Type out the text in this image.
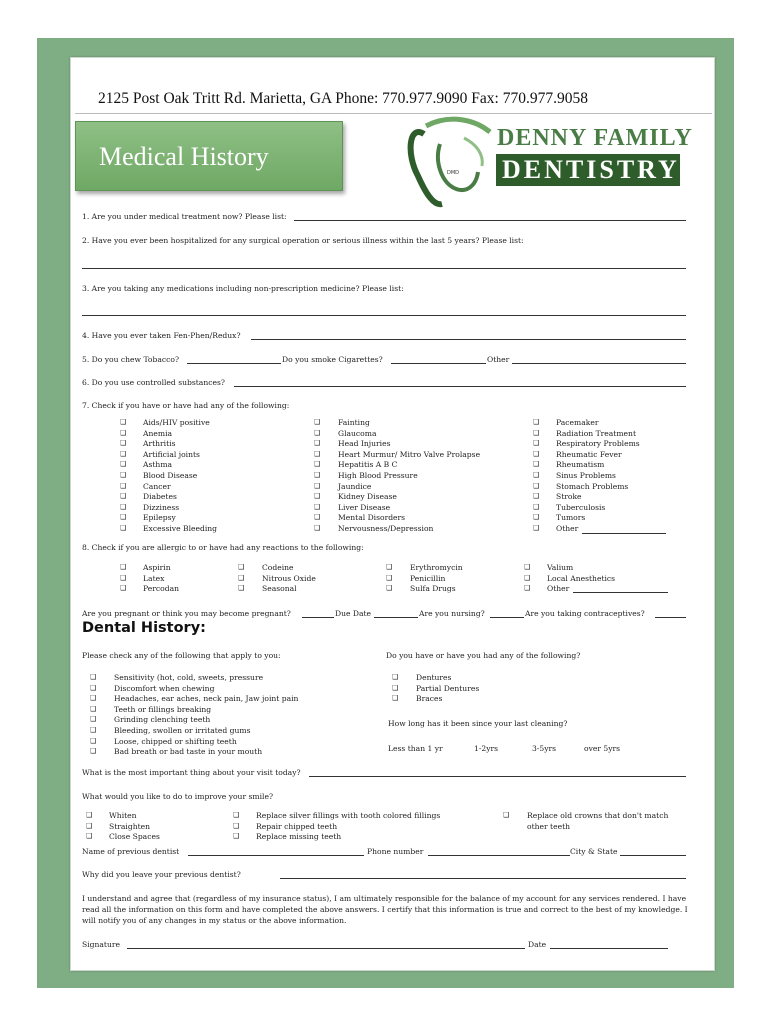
2125 Post Oak Tritt Rd. Marietta, GA Phone: 770.977.9090 Fax: 770.977.9058
Medical History
DMD
DENNY FAMILY
DENTISTRY
1. Are you under medical treatment now? Please list:
2. Have you ever been hospitalized for any surgical operation or serious illness within the last 5 years? Please list:
3. Are you taking any medications including non-prescription medicine? Please list:
4. Have you ever taken Fen-Phen/Redux?
5. Do you chew Tobacco?	Do you smoke Cigarettes?	Other
6. Do you use controlled substances?
7. Check if you have or have had any of the following:
❑ Aids/HIV positive
❑ Anemia
❑ Arthritis
❑ Artificial joints
❑ Asthma
❑ Blood Disease
❑ Cancer
❑ Diabetes
❑ Dizziness
❑ Epilepsy
❑ Excessive Bleeding
❑ Fainting
❑ Glaucoma
❑ Head Injuries
❑ Heart Murmur/ Mitro Valve Prolapse
❑ Hepatitis A B C
❑ High Blood Pressure
❑ Jaundice
❑ Kidney Disease
❑ Liver Disease
❑ Mental Disorders
❑ Nervousness/Depression
❑ Pacemaker
❑ Radiation Treatment
❑ Respiratory Problems
❑ Rheumatic Fever
❑ Rheumatism
❑ Sinus Problems
❑ Stomach Problems
❑ Stroke
❑ Tuberculosis
❑ Tumors
❑ Other
8. Check if you are allergic to or have had any reactions to the following:
❑ Aspirin
❑ Latex
❑ Percodan
❑ Codeine
❑ Nitrous Oxide
❑ Seasonal
❑ Erythromycin
❑ Penicillin
❑ Sulfa Drugs
❑ Valium
❑ Local Anesthetics
❑ Other
Are you pregnant or think you may become pregnant?	Due Date	Are you nursing?	Are you taking contraceptives?
Dental History:
Please check any of the following that apply to you:	Do you have or have you had any of the following?
❑ Sensitivity (hot, cold, sweets, pressure
❑ Discomfort when chewing
❑ Headaches, ear aches, neck pain, Jaw joint pain
❑ Teeth or fillings breaking
❑ Grinding clenching teeth
❑ Bleeding, swollen or irritated gums
❑ Loose, chipped or shifting teeth
❑ Bad breath or bad taste in your mouth
❑ Dentures
❑ Partial Dentures
❑ Braces
How long has it been since your last cleaning?
Less than 1 yr	1-2yrs	3-5yrs	over 5yrs
What is the most important thing about your visit today?
What would you like to do to improve your smile?
❑ Whiten
❑ Straighten
❑ Close Spaces
❑ Replace silver fillings with tooth colored fillings
❑ Repair chipped teeth
❑ Replace missing teeth
❑ Replace old crowns that don't match
other teeth
Name of previous dentist	Phone number	City & State
Why did you leave your previous dentist?
I understand and agree that (regardless of my insurance status), I am ultimately responsible for the balance of my account for any services rendered. I have read all the information on this form and have completed the above answers. I certify that this information is true and correct to the best of my knowledge. I will notify you of any changes in my status or the above information.
Signature	Date
